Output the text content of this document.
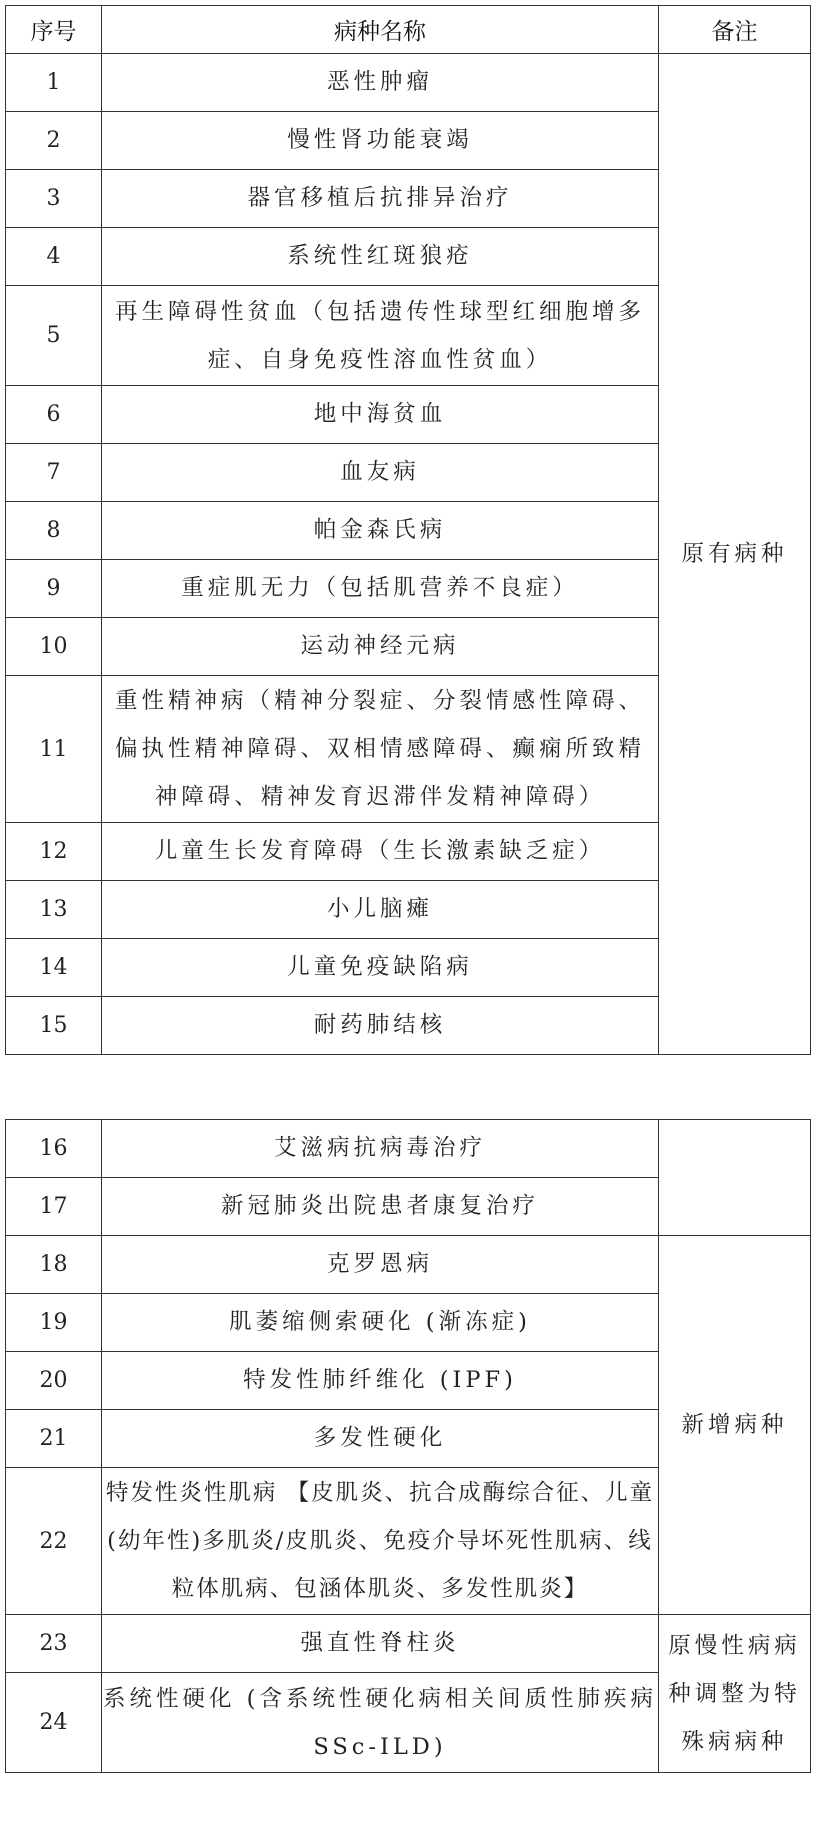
序号	病种名称	备注
1	恶性肿瘤	原有病种
2	慢性肾功能衰竭	
3	器官移植后抗排异治疗	
4	系统性红斑狼疮	
5	再生障碍性贫血（包括遗传性球型红细胞增多症、自身免疫性溶血性贫血）	
6	地中海贫血	
7	血友病	
8	帕金森氏病	
9	重症肌无力（包括肌营养不良症）	
10	运动神经元病	
11	重性精神病（精神分裂症、分裂情感性障碍、偏执性精神障碍、双相情感障碍、癫痫所致精神障碍、精神发育迟滞伴发精神障碍）	
12	儿童生长发育障碍（生长激素缺乏症）	
13	小儿脑瘫	
14	儿童免疫缺陷病	
15	耐药肺结核	
16	艾滋病抗病毒治疗	
17	新冠肺炎出院患者康复治疗	
18	克罗恩病	新增病种
19	肌萎缩侧索硬化 (渐冻症)	
20	特发性肺纤维化 (IPF)	
21	多发性硬化	
22	特发性炎性肌病 【皮肌炎、抗合成酶综合征、儿童 (幼年性)多肌炎/皮肌炎、免疫介导坏死性肌病、线粒体肌病、包涵体肌炎、多发性肌炎】	
23	强直性脊柱炎	原慢性病病种调整为特殊病病种
24	系统性硬化 (含系统性硬化病相关间质性肺疾病 SSc-ILD)	
